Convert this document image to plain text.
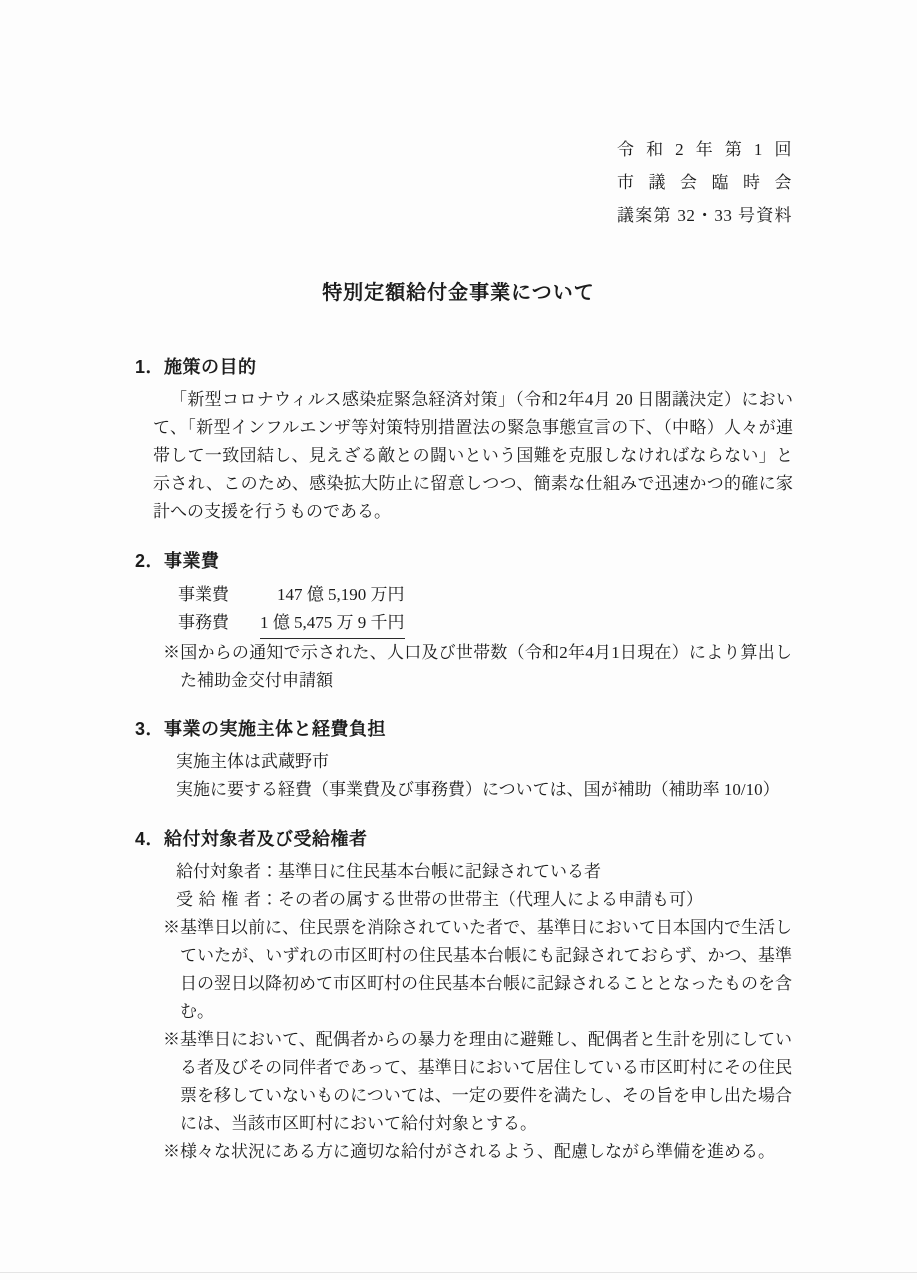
令和2年第1回
市議会臨時会
議案第 32・33 号資料
特別定額給付金事業について
1．施策の目的
「新型コロナウィルス感染症緊急経済対策」（令和2年4月 20 日閣議決定）において、「新型インフルエンザ等対策特別措置法の緊急事態宣言の下、（中略）人々が連帯して一致団結し、見えざる敵との闘いという国難を克服しなければならない」と示され、このため、感染拡大防止に留意しつつ、簡素な仕組みで迅速かつ的確に家計への支援を行うものである。
2．事業費
事業費	147 億 5,190 万円
事務費 1 億 5,475 万 9 千円
※国からの通知で示された、人口及び世帯数（令和2年4月1日現在）により算出した補助金交付申請額
3．事業の実施主体と経費負担
実施主体は武蔵野市
実施に要する経費（事業費及び事務費）については、国が補助（補助率 10/10）
4．給付対象者及び受給権者
給付対象者 ：基準日に住民基本台帳に記録されている者
受給権者 ：その者の属する世帯の世帯主（代理人による申請も可）
※基準日以前に、住民票を消除されていた者で、基準日において日本国内で生活していたが、いずれの市区町村の住民基本台帳にも記録されておらず、かつ、基準日の翌日以降初めて市区町村の住民基本台帳に記録されることとなったものを含む。
※基準日において、配偶者からの暴力を理由に避難し、配偶者と生計を別にしている者及びその同伴者であって、基準日において居住している市区町村にその住民票を移していないものについては、一定の要件を満たし、その旨を申し出た場合には、当該市区町村において給付対象とする。
※様々な状況にある方に適切な給付がされるよう、配慮しながら準備を進める。
